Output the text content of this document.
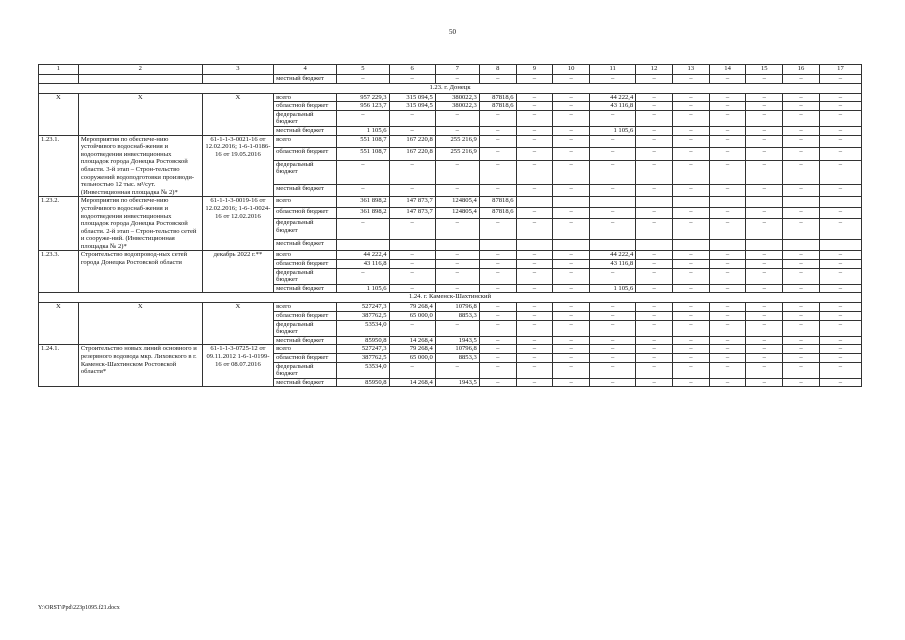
50
1	2	3	4	5	6	7	8	9	10	11	12	13	14	15	16	17
			местный бюджет	–	–	–	–	–	–	–	–	–	–	–	–	–
1.23. г. Донецк																
Х	Х	Х	всего	957 229,3	315 094,5	380022,3	87818,6	–	–	44 222,4	–	–	–	–	–	–
			областной бюджет	956 123,7	315 094,5	380022,3	87818,6	–	–	43 116,8	–	–	–	–	–	–
			федеральный бюджет	–	–	–	–	–	–	–	–	–	–	–	–	–
			местный бюджет	1 105,6	–	–	–	–	–	1 105,6	–	–	–	–	–	–
1.23.1.	Мероприятия по обеспече-нию устойчивого водоснаб-жения и водоотведения инвестиционных площадок города Донецка Ростовской области. 3-й этап – Строн-тельство сооружений водоподготовки производи-тельностью 12 тыс. м³/сут. (Инвестиционная площадка № 2)*	61-1-1-3-0021-16 от 12.02.2016; 1-6-1-0186-16 от 19.05.2016	всего	551 108,7	167 220,8	255 216,9	–	–	–	–	–	–	–	–	–	–
			областной бюджет	551 108,7	167 220,8	255 216,9	–	–	–	–	–	–	–	–	–	–
			федеральный бюджет	–	–	–	–	–	–	–	–	–	–	–	–	–
			местный бюджет	–	–	–	–	–	–	–	–	–	–	–	–	–
1.23.2.	Мероприятия по обеспече-нию устойчивого водоснаб-жения и водоотведения инвестиционных площадок города Донецка Ростовской области. 2-й этап – Строн-тельство сетей и сооруже-ний. (Инвестиционная площадка № 2)*	61-1-1-3-0019-16 от 12.02.2016; 1-6-1-0024-16 от 12.02.2016	всего	361 898,2	147 873,7	124805,4	87818,6									
			областной бюджет	361 898,2	147 873,7	124805,4	87818,6	–	–	–	–	–	–	–	–	–
			федеральный бюджет	–	–	–	–	–	–	–	–	–	–	–	–	–
			местный бюджет													
1.23.3.	Строительство водопровод-ных сетей города Донецка Ростовской области	декабрь 2022 г.**	всего	44 222,4	–	–	–	–	–	44 222,4	–	–	–	–	–	–
			областной бюджет	43 116,8	–	–	–	–	–	43 116,8	–	–	–	–	–	–
			федеральный бюджет	–	–	–	–	–	–	–	–	–	–	–	–	–
			местный бюджет	1 105,6	–	–	–	–	–	1 105,6	–	–	–	–	–	–
1.24. г. Каменск-Шахтинский																
Х	Х	Х	всего	527247,3	79 268,4	10796,8	–	–	–	–	–	–	–	–	–	–
			областной бюджет	387762,5	65 000,0	8853,3	–	–	–	–	–	–	–	–	–	–
			федеральный бюджет	53534,0	–	–	–	–	–	–	–	–	–	–	–	–
			местный бюджет	85950,8	14 268,4	1943,5	–	–	–	–	–	–	–	–	–	–
1.24.1.	Строительство новых линий основного и резервного водовода мкр. Лиховского в г. Каменск-Шахтинском Ростовской области*	61-1-1-3-0725-12 от 09.11.2012 1-6-1-0199-16 от 08.07.2016	всего	527247,3	79 268,4	10796,8	–	–	–	–	–	–	–	–	–	–
			областной бюджет	387762,5	65 000,0	8853,3	–	–	–	–	–	–	–	–	–	–
			федеральный бюджет	53534,0	–	–	–	–	–	–	–	–	–	–	–	–
			местный бюджет	85950,8	14 268,4	1943,5	–	–	–	–	–	–	–	–	–	–
Y:\ORST\Ppd\223p1095.f21.docx
